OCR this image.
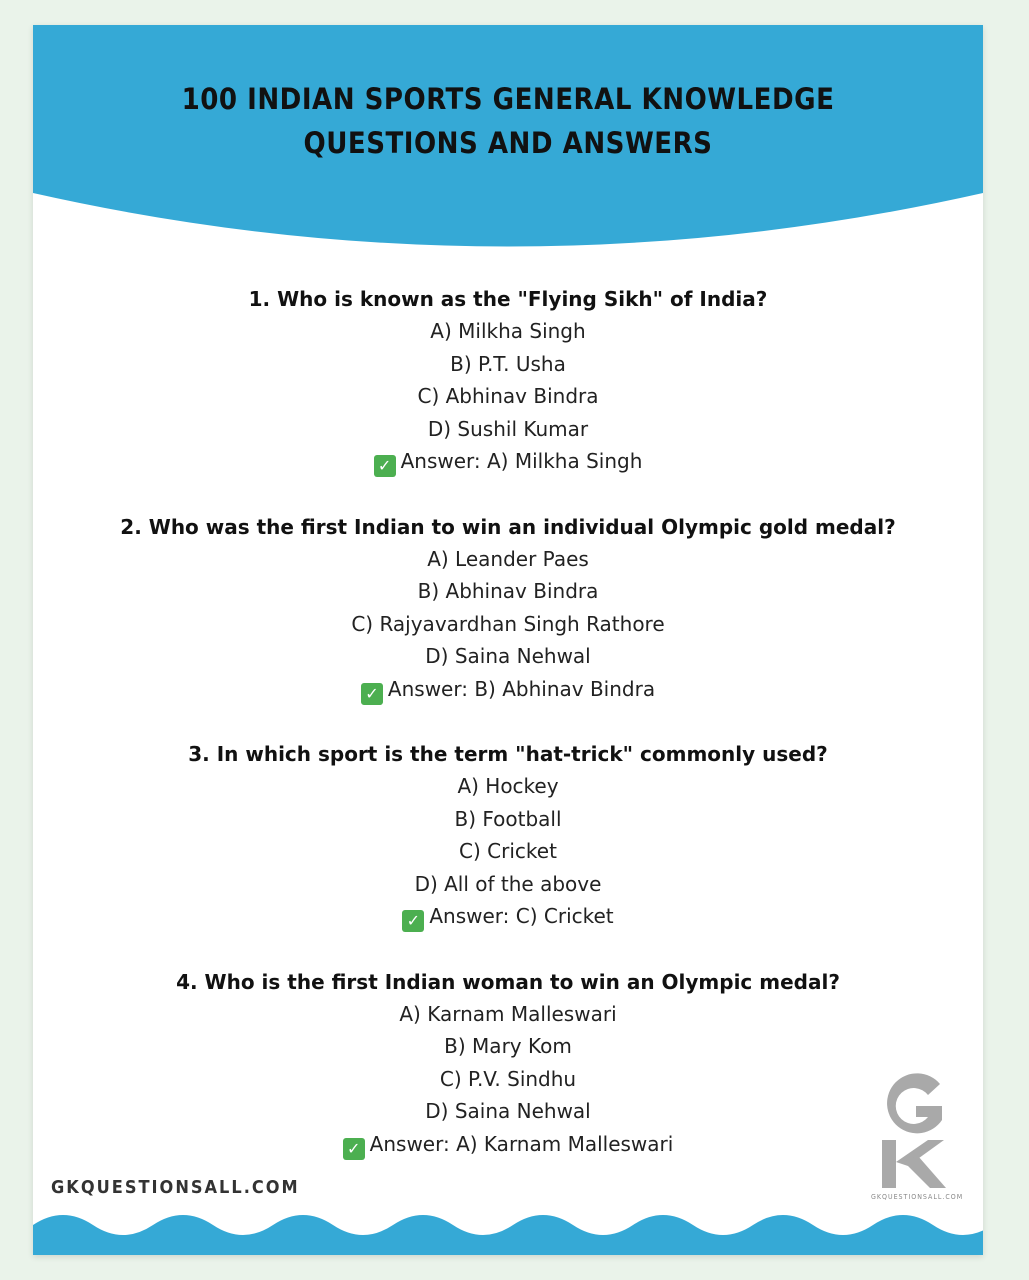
100 INDIAN SPORTS GENERAL KNOWLEDGE
QUESTIONS AND ANSWERS
1. Who is known as the "Flying Sikh" of India?
A) Milkha Singh
B) P.T. Usha
C) Abhinav Bindra
D) Sushil Kumar
✓ Answer: A) Milkha Singh
2. Who was the first Indian to win an individual Olympic gold medal?
A) Leander Paes
B) Abhinav Bindra
C) Rajyavardhan Singh Rathore
D) Saina Nehwal
✓ Answer: B) Abhinav Bindra
3. In which sport is the term "hat-trick" commonly used?
A) Hockey
B) Football
C) Cricket
D) All of the above
✓ Answer: C) Cricket
4. Who is the first Indian woman to win an Olympic medal?
A) Karnam Malleswari
B) Mary Kom
C) P.V. Sindhu
D) Saina Nehwal
✓ Answer: A) Karnam Malleswari
GKQUESTIONSALL.COM	GKQUESTIONSALL.COM
